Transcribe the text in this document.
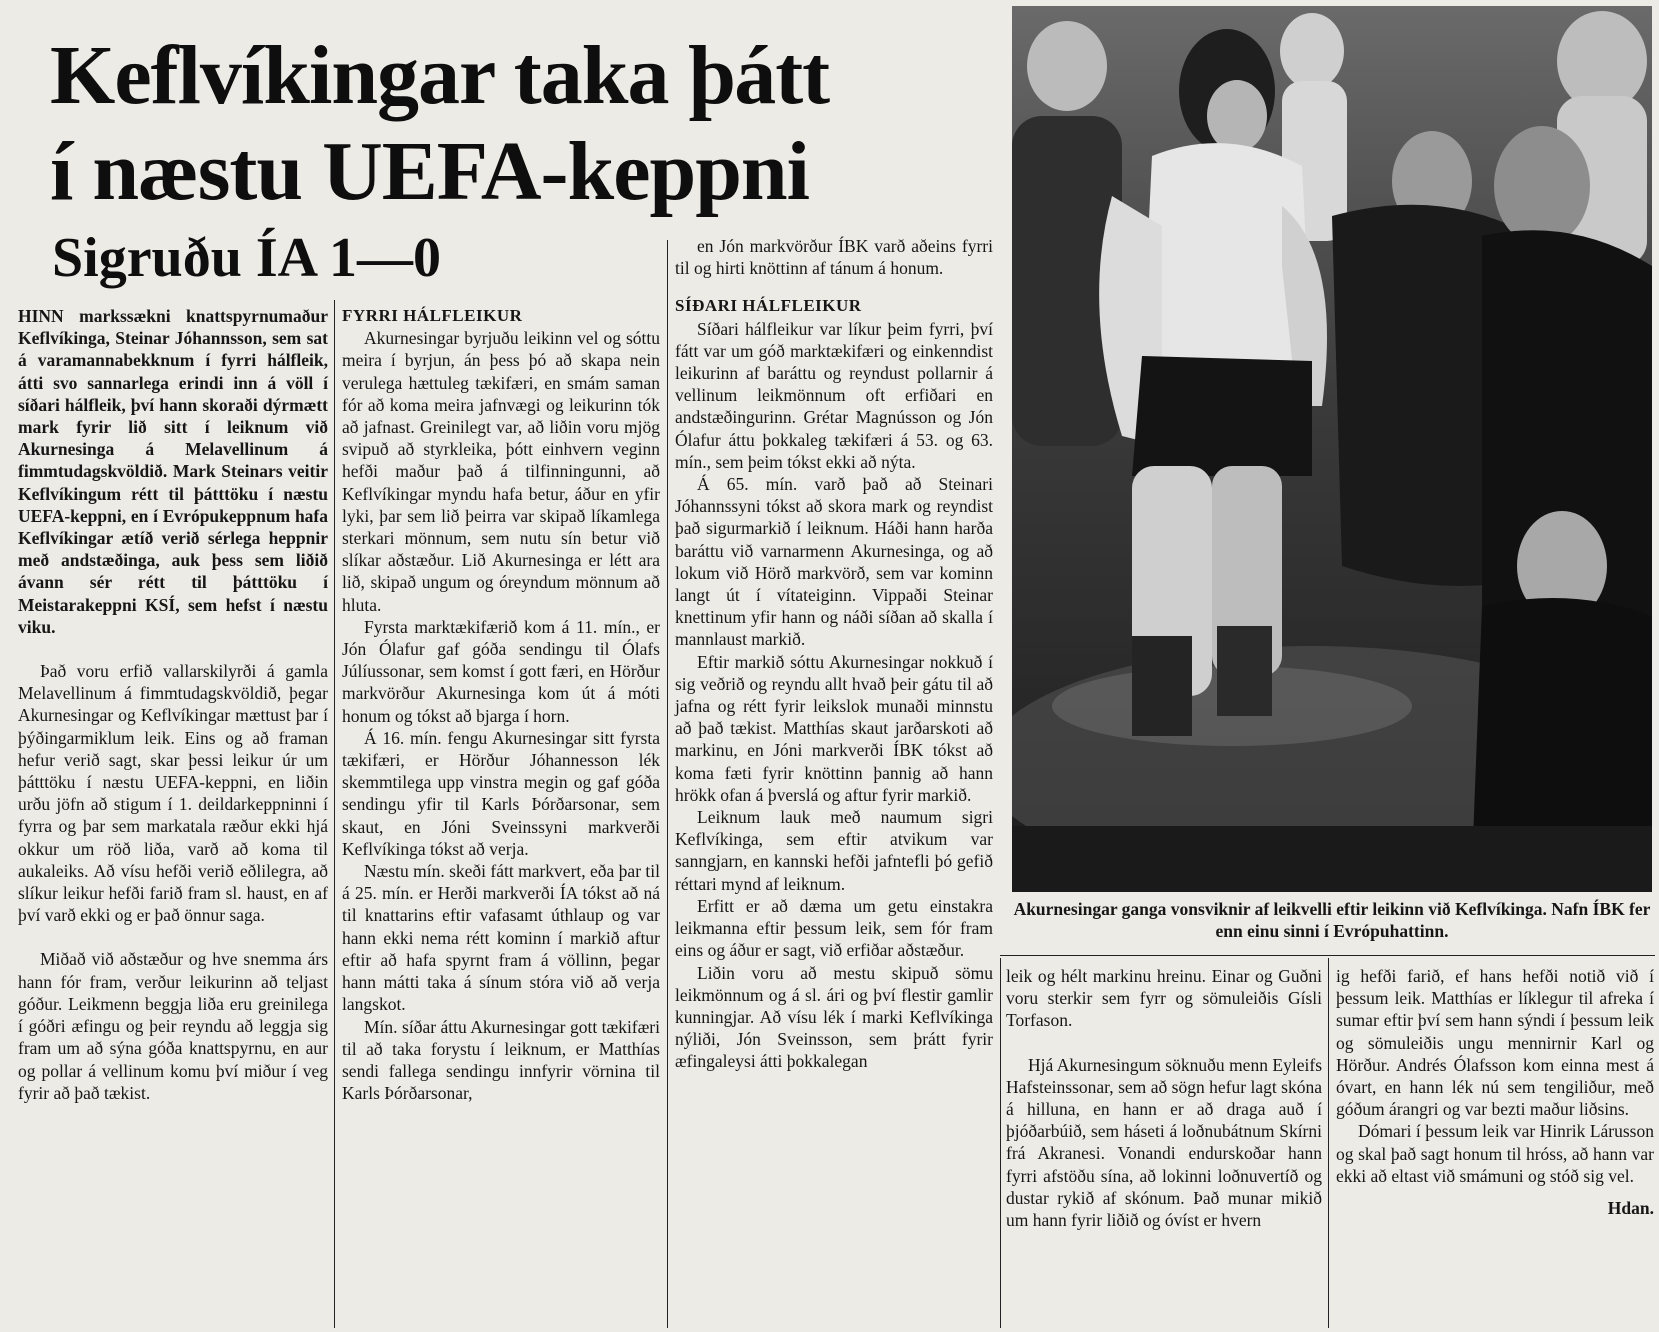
Keflvíkingar taka þátt
í næstu UEFA-keppni
Sigruðu ÍA 1—0

HINN markssækni knattspyrnumaður Keflvíkinga, Steinar Jóhannsson, sem sat á varamannabekknum í fyrri hálfleik, átti svo sannarlega erindi inn á völl í síðari hálfleik, því hann skoraði dýrmætt mark fyrir lið sitt í leiknum við Akurnesinga á Melavellinum á fimmtudagskvöldið. Mark Steinars veitir Keflvíkingum rétt til þátttöku í næstu UEFA-keppni, en í Evrópukeppnum hafa Keflvíkingar ætíð verið sérlega heppnir með andstæðinga, auk þess sem liðið ávann sér rétt til þátttöku í Meistarakeppni KSÍ, sem hefst í næstu viku.

Það voru erfið vallarskilyrði á gamla Melavellinum á fimmtudagskvöldið, þegar Akurnesingar og Keflvíkingar mættust þar í þýðingarmiklum leik. Eins og að framan hefur verið sagt, skar þessi leikur úr um þátttöku í næstu UEFA-keppni, en liðin urðu jöfn að stigum í 1. deildarkeppninni í fyrra og þar sem markatala ræður ekki hjá okkur um röð liða, varð að koma til aukaleiks. Að vísu hefði verið eðlilegra, að slíkur leikur hefði farið fram sl. haust, en af því varð ekki og er það önnur saga.

Miðað við aðstæður og hve snemma árs hann fór fram, verður leikurinn að teljast góður. Leikmenn beggja liða eru greinilega í góðri æfingu og þeir reyndu að leggja sig fram um að sýna góða knattspyrnu, en aur og pollar á vellinum komu því miður í veg fyrir að það tækist.

FYRRI HÁLFLEIKUR

Akurnesingar byrjuðu leikinn vel og sóttu meira í byrjun, án þess þó að skapa nein verulega hættuleg tækifæri, en smám saman fór að koma meira jafnvægi og leikurinn tók að jafnast. Greinilegt var, að liðin voru mjög svipuð að styrkleika, þótt einhvern veginn hefði maður það á tilfinningunni, að Keflvíkingar myndu hafa betur, áður en yfir lyki, þar sem lið þeirra var skipað líkamlega sterkari mönnum, sem nutu sín betur við slíkar aðstæður. Lið Akurnesinga er létt ara lið, skipað ungum og óreyndum mönnum að hluta.

Fyrsta marktækifærið kom á 11. mín., er Jón Ólafur gaf góða sendingu til Ólafs Júlíussonar, sem komst í gott færi, en Hörður markvörður Akurnesinga kom út á móti honum og tókst að bjarga í horn.

Á 16. mín. fengu Akurnesingar sitt fyrsta tækifæri, er Hörður Jóhannesson lék skemmtilega upp vinstra megin og gaf góða sendingu yfir til Karls Þórðarsonar, sem skaut, en Jóni Sveinssyni markverði Keflvíkinga tókst að verja.

Næstu mín. skeði fátt markvert, eða þar til á 25. mín. er Herði markverði ÍA tókst að ná til knattarins eftir vafasamt úthlaup og var hann ekki nema rétt kominn í markið aftur eftir að hafa spyrnt fram á völlinn, þegar hann mátti taka á sínum stóra við að verja langskot.

Mín. síðar áttu Akurnesingar gott tækifæri til að taka forystu í leiknum, er Matthías sendi fallega sendingu innfyrir vörnina til Karls Þórðarsonar,

en Jón markvörður ÍBK varð aðeins fyrri til og hirti knöttinn af tánum á honum.

SÍÐARI HÁLFLEIKUR

Síðari hálfleikur var líkur þeim fyrri, því fátt var um góð marktækifæri og einkenndist leikurinn af baráttu og reyndust pollarnir á vellinum leikmönnum oft erfiðari en andstæðingurinn. Grétar Magnússon og Jón Ólafur áttu þokkaleg tækifæri á 53. og 63. mín., sem þeim tókst ekki að nýta.

Á 65. mín. varð það að Steinari Jóhannssyni tókst að skora mark og reyndist það sigurmarkið í leiknum. Háði hann harða baráttu við varnarmenn Akurnesinga, og að lokum við Hörð markvörð, sem var kominn langt út í vítateiginn. Vippaði Steinar knettinum yfir hann og náði síðan að skalla í mannlaust markið.

Eftir markið sóttu Akurnesingar nokkuð í sig veðrið og reyndu allt hvað þeir gátu til að jafna og rétt fyrir leikslok munaði minnstu að það tækist. Matthías skaut jarðarskoti að markinu, en Jóni markverði ÍBK tókst að koma fæti fyrir knöttinn þannig að hann hrökk ofan á þverslá og aftur fyrir markið.

Leiknum lauk með naumum sigri Keflvíkinga, sem eftir atvikum var sanngjarn, en kannski hefði jafntefli þó gefið réttari mynd af leiknum.

Erfitt er að dæma um getu einstakra leikmanna eftir þessum leik, sem fór fram eins og áður er sagt, við erfiðar aðstæður.

Liðin voru að mestu skipuð sömu leikmönnum og á sl. ári og því flestir gamlir kunningjar. Að vísu lék í marki Keflvíkinga nýliði, Jón Sveinsson, sem þrátt fyrir æfingaleysi átti þokkalegan

Akurnesingar ganga vonsviknir af leikvelli eftir leikinn við Keflvíkinga. Nafn ÍBK fer enn einu sinni í Evrópuhattinn.

leik og hélt markinu hreinu. Einar og Guðni voru sterkir sem fyrr og sömuleiðis Gísli Torfason.

Hjá Akurnesingum söknuðu menn Eyleifs Hafsteinssonar, sem að sögn hefur lagt skóna á hilluna, en hann er að draga auð í þjóðarbúið, sem háseti á loðnubátnum Skírni frá Akranesi. Vonandi endurskoðar hann fyrri afstöðu sína, að lokinni loðnuvertíð og dustar rykið af skónum. Það munar mikið um hann fyrir liðið og óvíst er hvern

ig hefði farið, ef hans hefði notið við í þessum leik. Matthías er líklegur til afreka í sumar eftir því sem hann sýndi í þessum leik og sömuleiðis ungu mennirnir Karl og Hörður. Andrés Ólafsson kom einna mest á óvart, en hann lék nú sem tengiliður, með góðum árangri og var bezti maður liðsins.

Dómari í þessum leik var Hinrik Lárusson og skal það sagt honum til hróss, að hann var ekki að eltast við smámuni og stóð sig vel.

Hdan.
